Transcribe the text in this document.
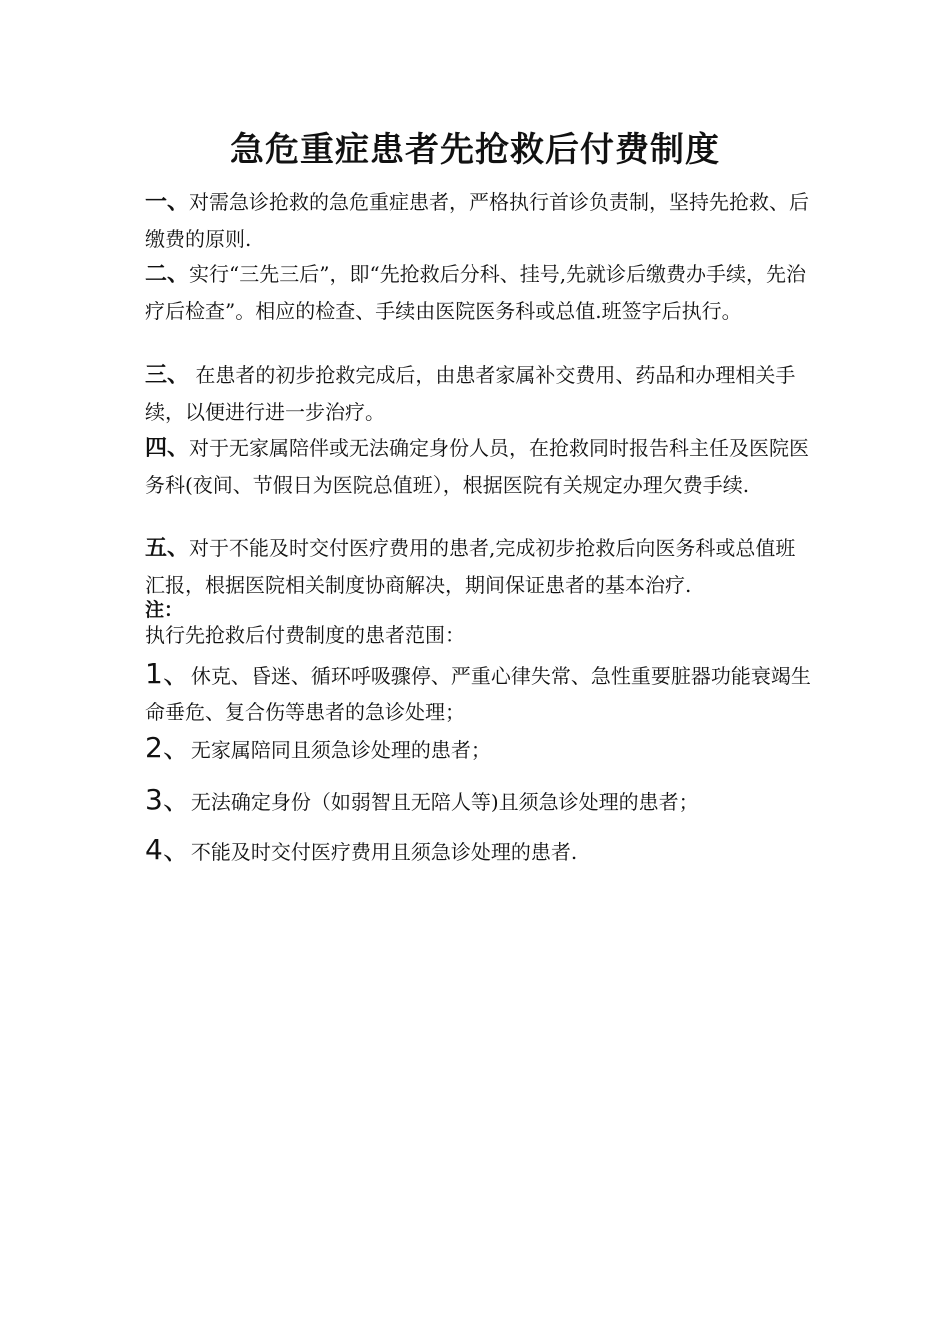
急危重症患者先抢救后付费制度
一、对需急诊抢救的急危重症患者，严格执行首诊负责制，坚持先抢救、后缴费的原则.
二、实行“三先三后”，即“先抢救后分科、挂号,先就诊后缴费办手续，先治疗后检查”。相应的检查、手续由医院医务科或总值.班签字后执行。
三、 在患者的初步抢救完成后，由患者家属补交费用、药品和办理相关手续，以便进行进一步治疗。
四、对于无家属陪伴或无法确定身份人员，在抢救同时报告科主任及医院医务科(夜间、节假日为医院总值班），根据医院有关规定办理欠费手续.
五、对于不能及时交付医疗费用的患者,完成初步抢救后向医务科或总值班汇报，根据医院相关制度协商解决，期间保证患者的基本治疗.
注：
执行先抢救后付费制度的患者范围：
1、休克、昏迷、循环呼吸骤停、严重心律失常、急性重要脏器功能衰竭生命垂危、复合伤等患者的急诊处理；
2、无家属陪同且须急诊处理的患者；
3、无法确定身份（如弱智且无陪人等)且须急诊处理的患者；
4、不能及时交付医疗费用且须急诊处理的患者.
